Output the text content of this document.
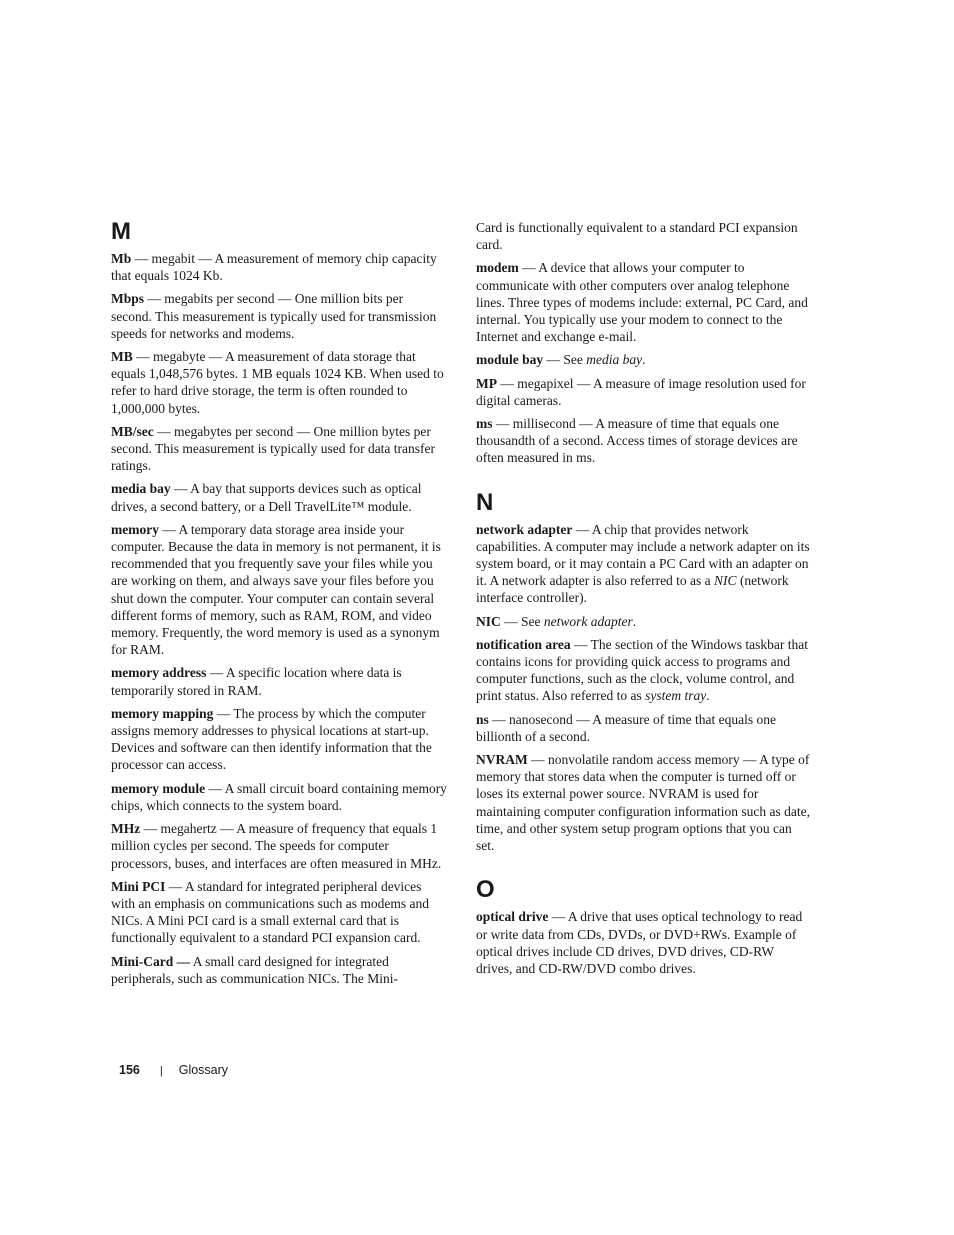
M

Mb — megabit — A measurement of memory chip capacity that equals 1024 Kb.

Mbps — megabits per second — One million bits per second. This measurement is typically used for transmission speeds for networks and modems.

MB — megabyte — A measurement of data storage that equals 1,048,576 bytes. 1 MB equals 1024 KB. When used to refer to hard drive storage, the term is often rounded to 1,000,000 bytes.

MB/sec — megabytes per second — One million bytes per second. This measurement is typically used for data transfer ratings.

media bay — A bay that supports devices such as optical drives, a second battery, or a Dell TravelLite™ module.

memory — A temporary data storage area inside your computer. Because the data in memory is not permanent, it is recommended that you frequently save your files while you are working on them, and always save your files before you shut down the computer. Your computer can contain several different forms of memory, such as RAM, ROM, and video memory. Frequently, the word memory is used as a synonym for RAM.

memory address — A specific location where data is temporarily stored in RAM.

memory mapping — The process by which the computer assigns memory addresses to physical locations at start-up. Devices and software can then identify information that the processor can access.

memory module — A small circuit board containing memory chips, which connects to the system board.

MHz — megahertz — A measure of frequency that equals 1 million cycles per second. The speeds for computer processors, buses, and interfaces are often measured in MHz.

Mini PCI — A standard for integrated peripheral devices with an emphasis on communications such as modems and NICs. A Mini PCI card is a small external card that is functionally equivalent to a standard PCI expansion card.

Mini-Card — A small card designed for integrated peripherals, such as communication NICs. The Mini-

Card is functionally equivalent to a standard PCI expansion card.

modem — A device that allows your computer to communicate with other computers over analog telephone lines. Three types of modems include: external, PC Card, and internal. You typically use your modem to connect to the Internet and exchange e-mail.

module bay — See media bay.

MP — megapixel — A measure of image resolution used for digital cameras.

ms — millisecond — A measure of time that equals one thousandth of a second. Access times of storage devices are often measured in ms.

N

network adapter — A chip that provides network capabilities. A computer may include a network adapter on its system board, or it may contain a PC Card with an adapter on it. A network adapter is also referred to as a NIC (network interface controller).

NIC — See network adapter.

notification area — The section of the Windows taskbar that contains icons for providing quick access to programs and computer functions, such as the clock, volume control, and print status. Also referred to as system tray.

ns — nanosecond — A measure of time that equals one billionth of a second.

NVRAM — nonvolatile random access memory — A type of memory that stores data when the computer is turned off or loses its external power source. NVRAM is used for maintaining computer configuration information such as date, time, and other system setup program options that you can set.

O

optical drive — A drive that uses optical technology to read or write data from CDs, DVDs, or DVD+RWs. Example of optical drives include CD drives, DVD drives, CD-RW drives, and CD-RW/DVD combo drives.

156 | Glossary
